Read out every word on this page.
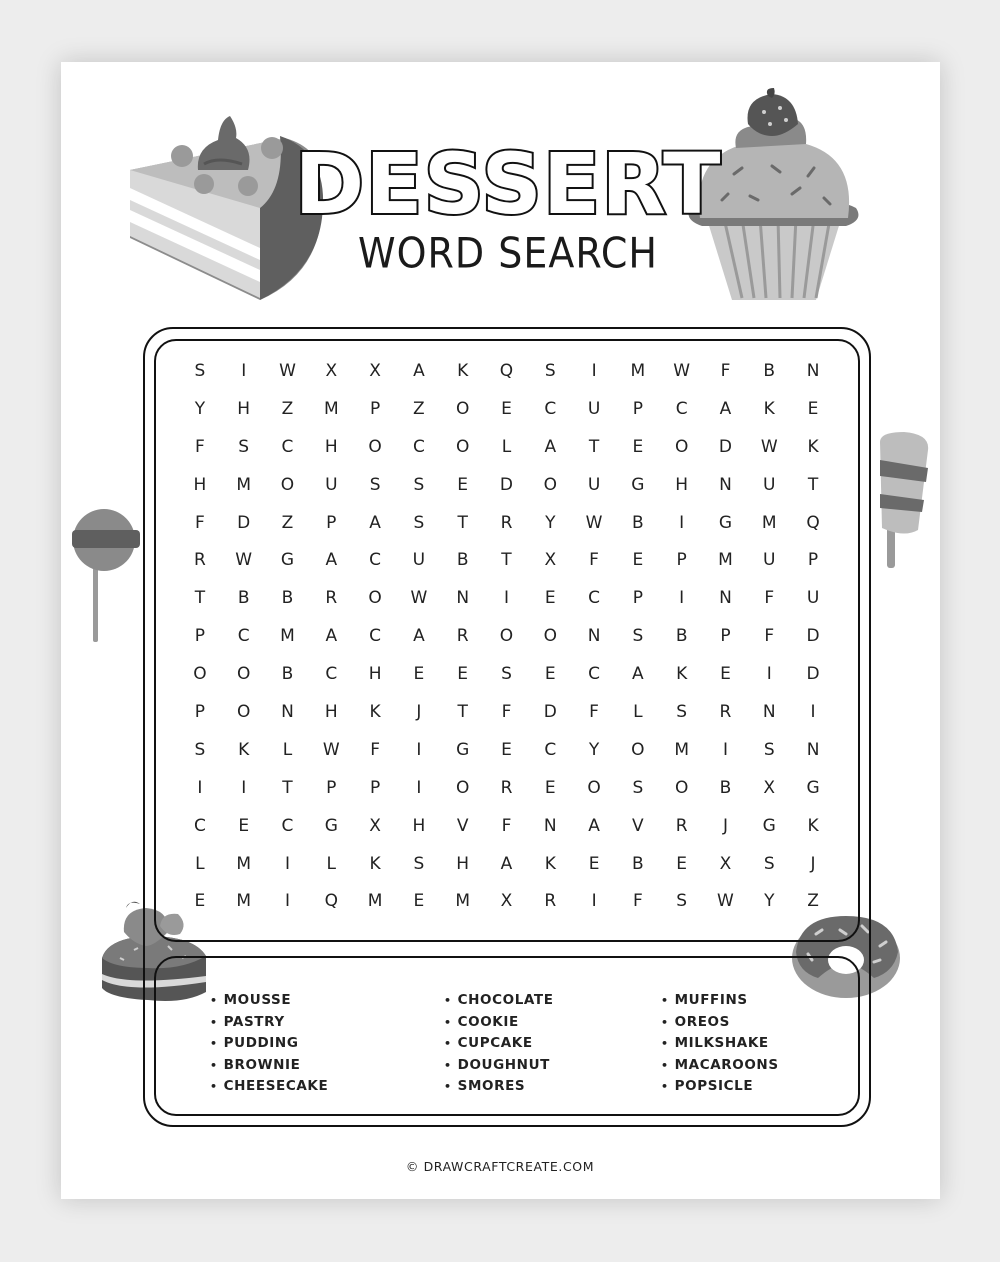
DESSERT
WORD SEARCH
S	I	W	X	X	A	K	Q	S	I	M	W	F	B	N
Y	H	Z	M	P	Z	O	E	C	U	P	C	A	K	E
F	S	C	H	O	C	O	L	A	T	E	O	D	W	K
H	M	O	U	S	S	E	D	O	U	G	H	N	U	T
F	D	Z	P	A	S	T	R	Y	W	B	I	G	M	Q
R	W	G	A	C	U	B	T	X	F	E	P	M	U	P
T	B	B	R	O	W	N	I	E	C	P	I	N	F	U
P	C	M	A	C	A	R	O	O	N	S	B	P	F	D
O	O	B	C	H	E	E	S	E	C	A	K	E	I	D
P	O	N	H	K	J	T	F	D	F	L	S	R	N	I
S	K	L	W	F	I	G	E	C	Y	O	M	I	S	N
I	I	T	P	P	I	O	R	E	O	S	O	B	X	G
C	E	C	G	X	H	V	F	N	A	V	R	J	G	K
L	M	I	L	K	S	H	A	K	E	B	E	X	S	J
E	M	I	Q	M	E	M	X	R	I	F	S	W	Y	Z
• MOUSSE
• PASTRY
• PUDDING
• BROWNIE
• CHEESECAKE
• CHOCOLATE
• COOKIE
• CUPCAKE
• DOUGHNUT
• SMORES
• MUFFINS
• OREOS
• MILKSHAKE
• MACAROONS
• POPSICLE
© DRAWCRAFTCREATE.COM
